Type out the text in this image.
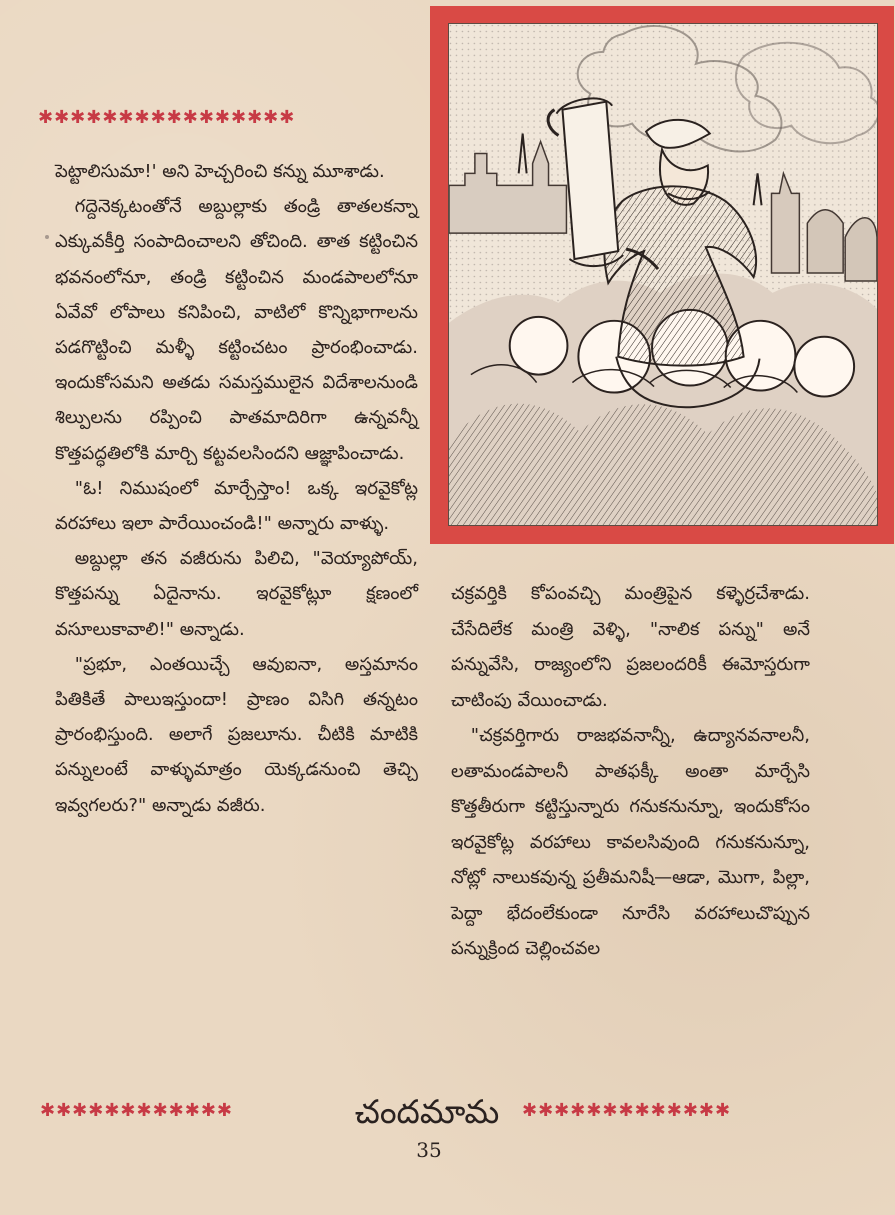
✱✱✱✱✱✱✱✱✱✱✱✱✱✱✱✱

పెట్టాలిసుమా!' అని హెచ్చరించి కన్ను మూశాడు.

గద్దెనెక్కటంతోనే అబ్దుల్లాకు తండ్రి తాతలకన్నా ఎక్కువకీర్తి సంపాదించాలని తోచింది. తాత కట్టించిన భవనంలోనూ, తండ్రి కట్టించిన మండపాలలోనూ ఏవేవో లోపాలు కనిపించి, వాటిలో కొన్నిభాగాలను పడగొట్టించి మళ్ళీ కట్టించటం ప్రారంభించాడు. ఇందుకోసమని అతడు సమస్తములైన విదేశాలనుండి శిల్పులను రప్పించి పాతమాదిరిగా ఉన్నవన్నీ కొత్తపద్ధతిలోకి మార్చి కట్టవలసిందని ఆజ్ఞాపించాడు.

"ఓ! నిముషంలో మార్చేస్తాం! ఒక్క ఇరవైకోట్ల వరహాలు ఇలా పారేయించండి!" అన్నారు వాళ్ళు.

అబ్దుల్లా తన వజీరును పిలిచి, "వెయ్యాపోయ్, కొత్తపన్ను ఏదైనాను. ఇరవైకోట్లూ క్షణంలో వసూలుకావాలి!" అన్నాడు.

"ప్రభూ, ఎంతయిచ్చే ఆవుఐనా, అస్తమానం పితికితే పాలుఇస్తుందా! ప్రాణం విసిగి తన్నటం ప్రారంభిస్తుంది. అలాగే ప్రజలూను. చీటికి మాటికి పన్నులంటే వాళ్ళుమాత్రం యెక్కడనుంచి తెచ్చి ఇవ్వగలరు?" అన్నాడు వజీరు.

చక్రవర్తికి కోపంవచ్చి మంత్రిపైన కళ్ళెర్రచేశాడు. చేసేదిలేక మంత్రి వెళ్ళి, "నాలిక పన్ను" అనే పన్నువేసి, రాజ్యంలోని ప్రజలందరికీ ఈమోస్తరుగా చాటింపు వేయించాడు.

"చక్రవర్తిగారు రాజభవనాన్నీ, ఉద్యానవనాలనీ, లతామండపాలనీ పాతఫక్కీ అంతా మార్చేసి కొత్తతీరుగా కట్టిస్తున్నారు గనుకనున్నూ, ఇందుకోసం ఇరవైకోట్ల వరహాలు కావలసివుంది గనుకనున్నూ, నోట్లో నాలుకవున్న ప్రతీమనిషీ—ఆడా, మొగా, పిల్లా, పెద్దా భేదంలేకుండా నూరేసి వరహాలుచొప్పున పన్నుక్రింద చెల్లించవల

✱✱✱✱✱✱✱✱✱✱✱✱	చందమామ	✱✱✱✱✱✱✱✱✱✱✱✱✱
35
